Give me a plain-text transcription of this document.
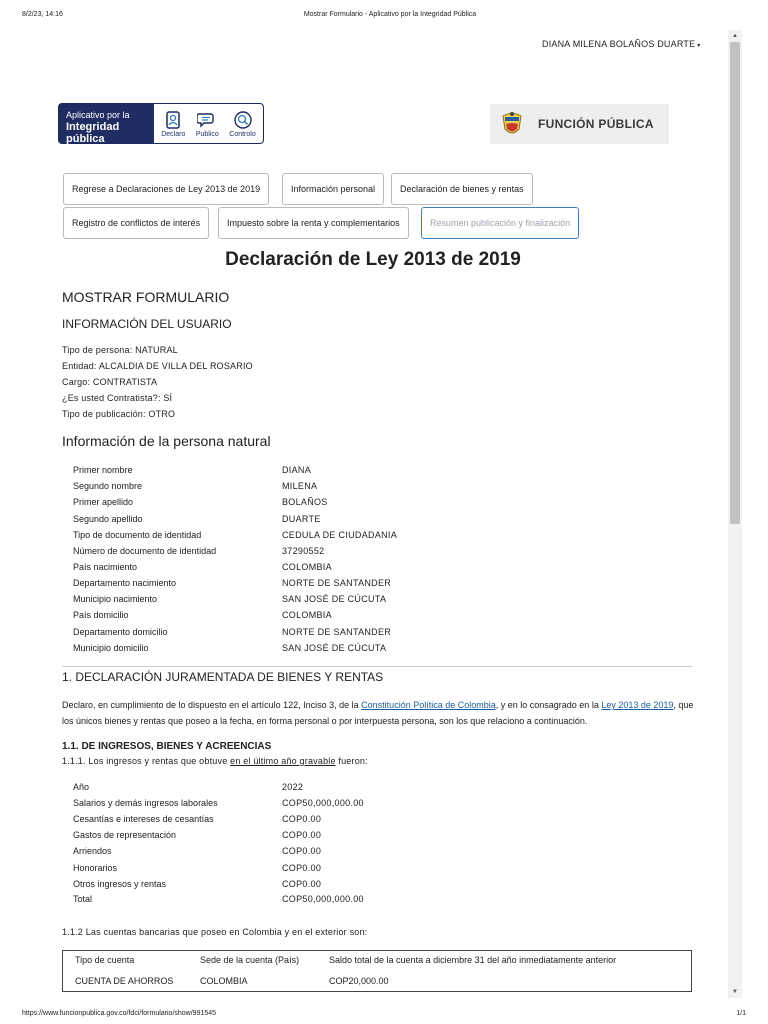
8/2/23, 14:16	Mostrar Formulario - Aplicativo por la Integridad Pública
https://www.funcionpublica.gov.co/fdci/formulario/show/991545	1/1
▲
▼
DIANA MILENA BOLAÑOS DUARTE ▾
Aplicativo por la
Integridad pública	Declaro Publico Controlo
FUNCIÓN PÚBLICA
Regrese a Declaraciones de Ley 2013 de 2019	Información personal	Declaración de bienes y rentas
Registro de conflictos de interés	Impuesto sobre la renta y complementarios	Resumen publicación y finalización
Declaración de Ley 2013 de 2019
MOSTRAR FORMULARIO
INFORMACIÓN DEL USUARIO
Tipo de persona: NATURAL
Entidad: ALCALDIA DE VILLA DEL ROSARIO
Cargo: CONTRATISTA
¿Es usted Contratista?: SÍ
Tipo de publicación: OTRO
Información de la persona natural
Primer nombre	DIANA
Segundo nombre	MILENA
Primer apellido	BOLAÑOS
Segundo apellido	DUARTE
Tipo de documento de identidad	CEDULA DE CIUDADANIA
Número de documento de identidad	37290552
País nacimiento	COLOMBIA
Departamento nacimiento	NORTE DE SANTANDER
Municipio nacimiento	SAN JOSÉ DE CÚCUTA
País domicilio	COLOMBIA
Departamento domicilio	NORTE DE SANTANDER
Municipio domicilio	SAN JOSÉ DE CÚCUTA
1. DECLARACIÓN JURAMENTADA DE BIENES Y RENTAS
Declaro, en cumplimiento de lo dispuesto en el artículo 122, Inciso 3, de la Constitución Política de Colombia, y en lo consagrado en la Ley 2013 de 2019, que los únicos bienes y rentas que poseo a la fecha, en forma personal o por interpuesta persona, son los que relaciono a continuación.
1.1. DE INGRESOS, BIENES Y ACREENCIAS
1.1.1. Los ingresos y rentas que obtuve en el último año gravable fueron:
Año	2022
Salarios y demás ingresos laborales	COP50,000,000.00
Cesantías e intereses de cesantías	COP0.00
Gastos de representación	COP0.00
Arriendos	COP0.00
Honorarios	COP0.00
Otros ingresos y rentas	COP0.00
Total	COP50,000,000.00
1.1.2 Las cuentas bancarias que poseo en Colombia y en el exterior son:
Tipo de cuenta	Sede de la cuenta (País)	Saldo total de la cuenta a diciembre 31 del año inmediatamente anterior
CUENTA DE AHORROS	COLOMBIA	COP20,000.00
